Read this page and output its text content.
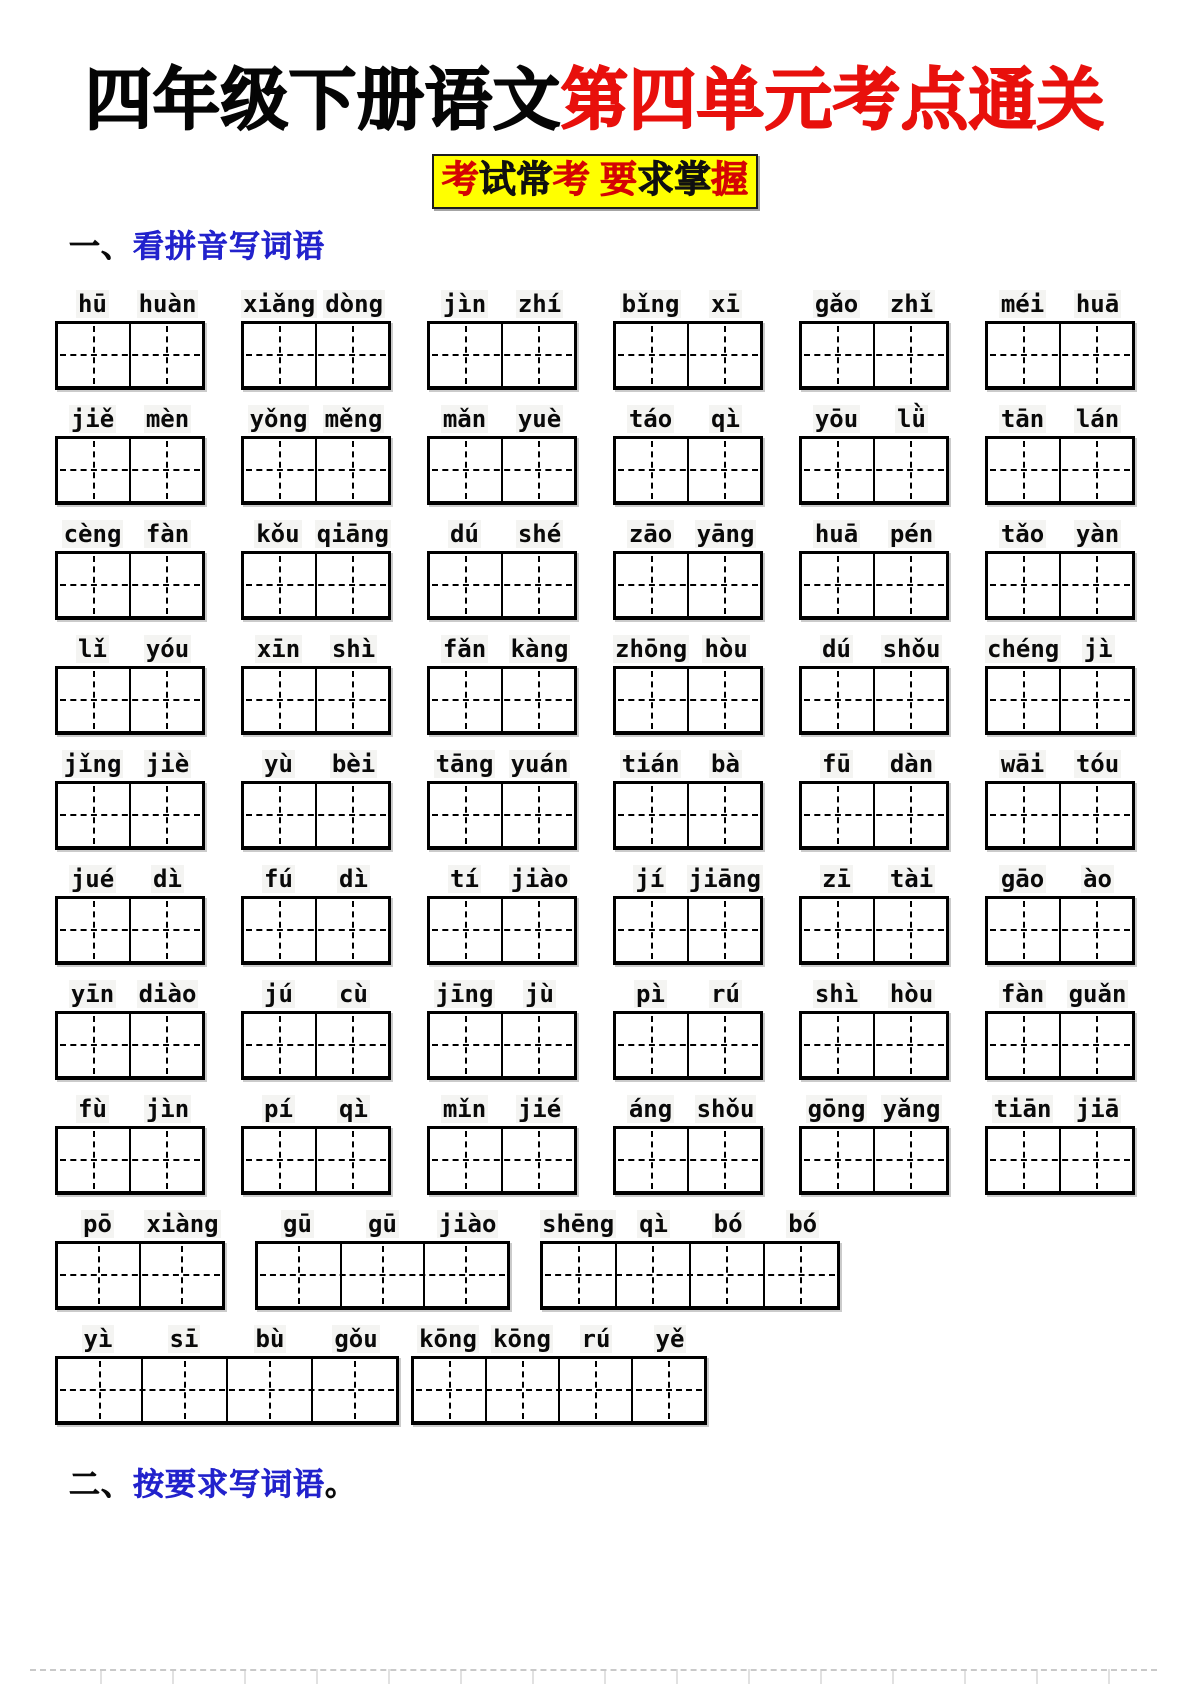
四年级下册语文第四单元考点通关
考试常考 要求掌握
一、看拼音写词语
hū	huàn	xiǎng dòng	jìn	zhí	bǐng	xī	gǎo	zhǐ	méi	huā
jiě	mèn	yǒng měng	mǎn	yuè	táo	qì	yōu	lǜ	tān	lán
cèng	fàn	kǒu qiāng	dú	shé	zāo	yāng	huā	pén	tǎo	yàn
lǐ	yóu	xīn	shì	fǎn	kàng	zhōng hòu	dú	shǒu	chéng	jì
jǐng	jiè	yù	bèi	tāng yuán	tián	bà	fū	dàn	wāi	tóu
jué	dì	fú	dì	tí	jiào	jí	jiāng	zī	tài	gāo	ào
yīn	diào	jú	cù	jīng	jù	pì	rú	shì	hòu	fàn	guǎn
fù	jìn	pí	qì	mǐn	jié	áng	shǒu	gōng yǎng	tiān	jiā
pō	xiàng	gū	gū	jiào	shēng	qì	bó	bó
yì	sī	bù	gǒu	kōng kōng	rú	yě
二、按要求写词语。
